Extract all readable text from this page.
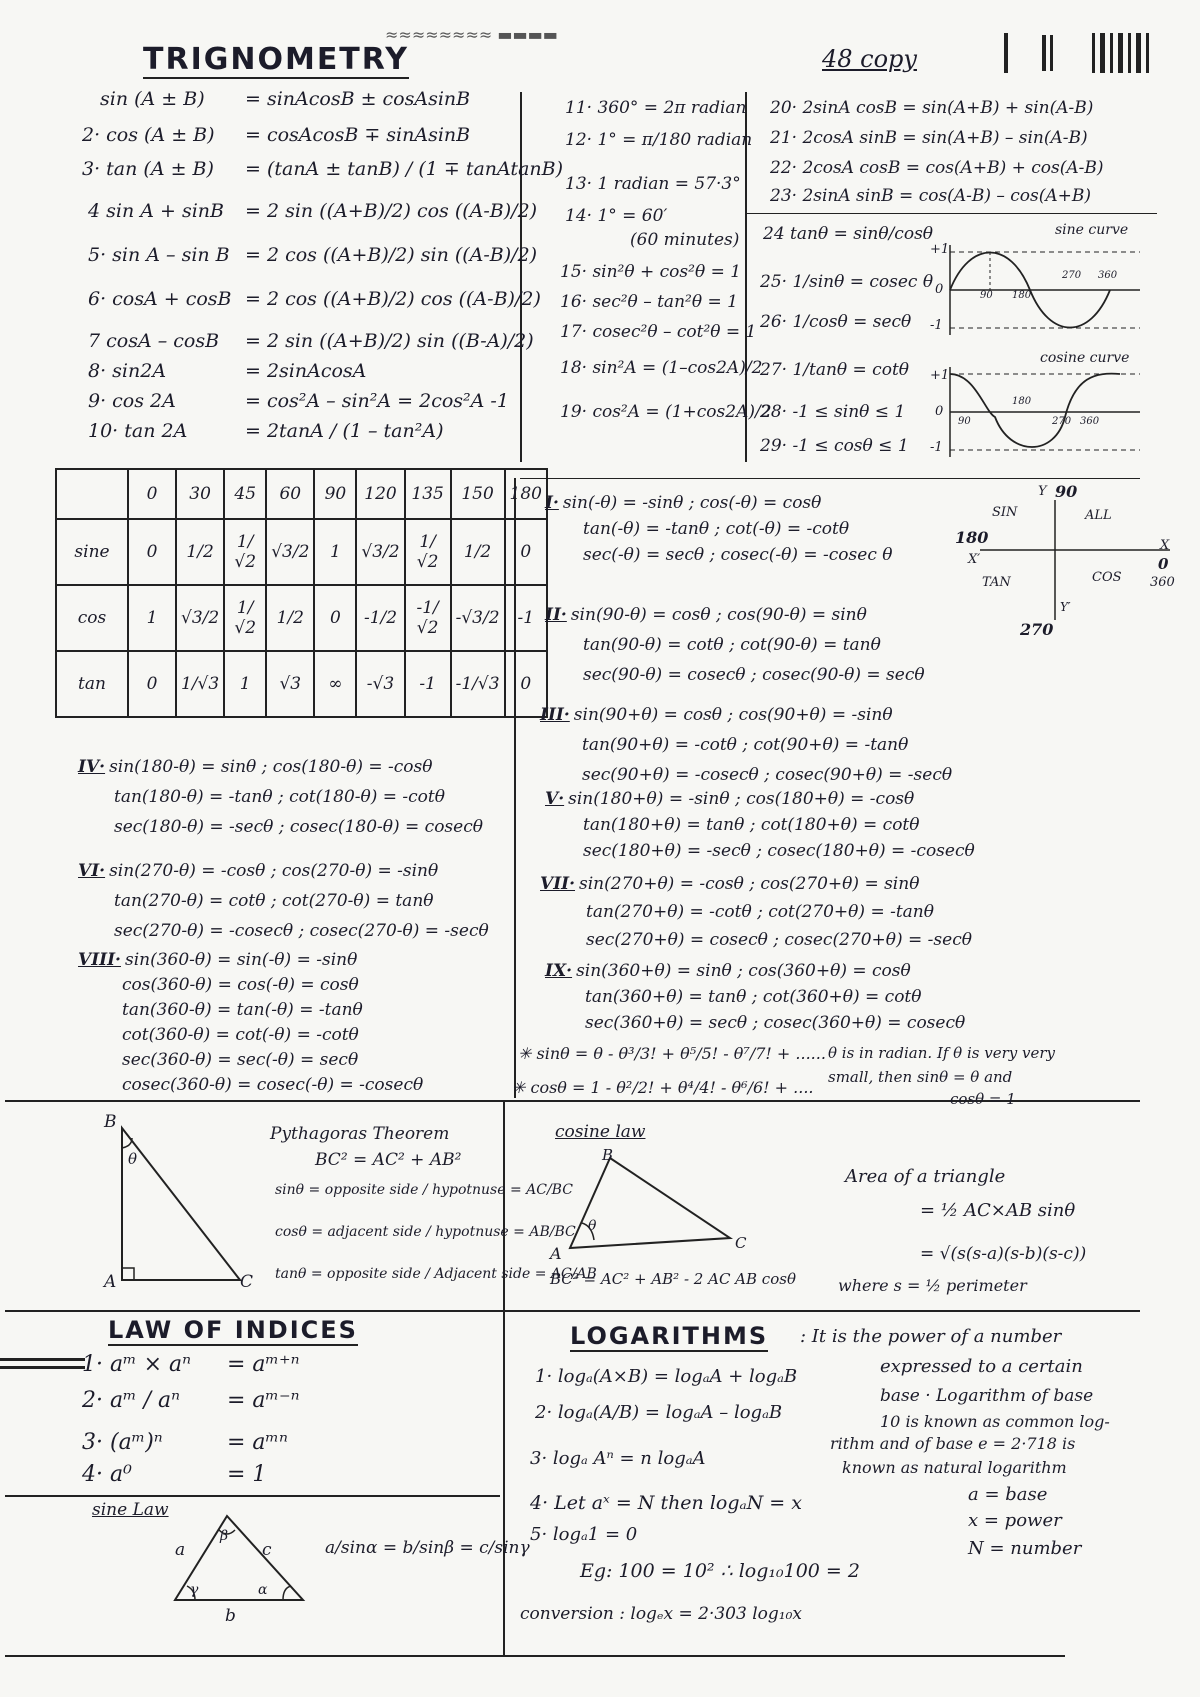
TRIGNOMETRY
≈≈≈≈≈≈≈≈ ▬▬▬▬
48 copy
sin (A ± B) = sinAcosB ± cosAsinB
2· cos (A ± B) = cosAcosB ∓ sinAsinB
3· tan (A ± B) = (tanA ± tanB) / (1 ∓ tanAtanB)
4 sin A + sinB = 2 sin ((A+B)/2) cos ((A-B)/2)
5· sin A – sin B = 2 cos ((A+B)/2) sin ((A-B)/2)
6· cosA + cosB = 2 cos ((A+B)/2) cos ((A-B)/2)
7 cosA – cosB = 2 sin ((A+B)/2) sin ((B-A)/2)
8· sin2A	= 2sinAcosA
9· cos 2A	= cos²A – sin²A = 2cos²A -1
10· tan 2A	= 2tanA / (1 – tan²A)
11· 360° = 2π radian
12· 1° = π/180 radian
13· 1 radian = 57·3°
14· 1° = 60′
(60 minutes)
15· sin²θ + cos²θ = 1
16· sec²θ – tan²θ = 1
17· cosec²θ – cot²θ = 1
18· sin²A = (1–cos2A)/2
19· cos²A = (1+cos2A)/2
20· 2sinA cosB = sin(A+B) + sin(A-B)
21· 2cosA sinB = sin(A+B) – sin(A-B)
22· 2cosA cosB = cos(A+B) + cos(A-B)
23· 2sinA sinB = cos(A-B) – cos(A+B)
24 tanθ = sinθ/cosθ
25· 1/sinθ = cosec θ
26· 1/cosθ = secθ
27· 1/tanθ = cotθ
28· -1 ≤ sinθ ≤ 1
29· -1 ≤ cosθ ≤ 1
sine curve
+1
0
-1
90 180
270 360
cosine curve
+1
0
-1
90
180
270 360
	0	30	45	60	90	120	135	150	180
sine	0	1/2	1/√2	√3/2	1	√3/2	1/√2	1/2	0
cos	1	√3/2	1/√2	1/2	0	-1/2	-1/√2	-√3/2	-1
tan	0	1/√3	1	√3	∞	-√3	-1	-1/√3	0
Y 90
SIN	ALL
180	X
0
360
X′
TAN	COS
Y′
270
I· sin(-θ) = -sinθ ; cos(-θ) = cosθ
tan(-θ) = -tanθ ; cot(-θ) = -cotθ
sec(-θ) = secθ ; cosec(-θ) = -cosec θ
II· sin(90-θ) = cosθ ; cos(90-θ) = sinθ
tan(90-θ) = cotθ ; cot(90-θ) = tanθ
sec(90-θ) = cosecθ ; cosec(90-θ) = secθ
III· sin(90+θ) = cosθ ; cos(90+θ) = -sinθ
tan(90+θ) = -cotθ ; cot(90+θ) = -tanθ
sec(90+θ) = -cosecθ ; cosec(90+θ) = -secθ
V· sin(180+θ) = -sinθ ; cos(180+θ) = -cosθ
tan(180+θ) = tanθ ; cot(180+θ) = cotθ
sec(180+θ) = -secθ ; cosec(180+θ) = -cosecθ
VII· sin(270+θ) = -cosθ ; cos(270+θ) = sinθ
tan(270+θ) = -cotθ ; cot(270+θ) = -tanθ
sec(270+θ) = cosecθ ; cosec(270+θ) = -secθ
IX· sin(360+θ) = sinθ ; cos(360+θ) = cosθ
tan(360+θ) = tanθ ; cot(360+θ) = cotθ
sec(360+θ) = secθ ; cosec(360+θ) = cosecθ
IV· sin(180-θ) = sinθ ; cos(180-θ) = -cosθ
tan(180-θ) = -tanθ ; cot(180-θ) = -cotθ
sec(180-θ) = -secθ ; cosec(180-θ) = cosecθ
VI· sin(270-θ) = -cosθ ; cos(270-θ) = -sinθ
tan(270-θ) = cotθ ; cot(270-θ) = tanθ
sec(270-θ) = -cosecθ ; cosec(270-θ) = -secθ
VIII· sin(360-θ) = sin(-θ) = -sinθ
cos(360-θ) = cos(-θ) = cosθ
tan(360-θ) = tan(-θ) = -tanθ
cot(360-θ) = cot(-θ) = -cotθ
sec(360-θ) = sec(-θ) = secθ
cosec(360-θ) = cosec(-θ) = -cosecθ
✳ sinθ = θ - θ³/3! + θ⁵/5! - θ⁷/7! + ......
✳ cosθ = 1 - θ²/2! + θ⁴/4! - θ⁶/6! + ....
θ is in radian. If θ is very very
small, then sinθ = θ and
cosθ = 1
B
θ
A	C
Pythagoras Theorem
BC² = AC² + AB²
sinθ = opposite side / hypotnuse = AC/BC
cosθ = adjacent side / hypotnuse = AB/BC
tanθ = opposite side / Adjacent side = AC/AB
cosine law
B
θ
A
C
BC² = AC² + AB² - 2 AC AB cosθ
Area of a triangle
= ½ AC×AB sinθ
= √(s(s-a)(s-b)(s-c))
where s = ½ perimeter
LAW OF INDICES
1· aᵐ × aⁿ = aᵐ⁺ⁿ
2· aᵐ / aⁿ = aᵐ⁻ⁿ
3· (aᵐ)ⁿ	= aᵐⁿ
4· a⁰	= 1
sine Law
a	c
b
β
γ	α
a/sinα = b/sinβ = c/sinγ
LOGARITHMS : It is the power of a number
expressed to a certain
base · Logarithm of base
10 is known as common log-
rithm and of base e = 2·718 is
known as natural logarithm
1· logₐ(A×B) = logₐA + logₐB
2· logₐ(A/B) = logₐA – logₐB
3· logₐ Aⁿ = n logₐA
4· Let aˣ = N then logₐN = x
5· logₐ1 = 0
Eg: 100 = 10² ∴ log₁₀100 = 2
conversion : logₑx = 2·303 log₁₀x
a = base
x = power
N = number
